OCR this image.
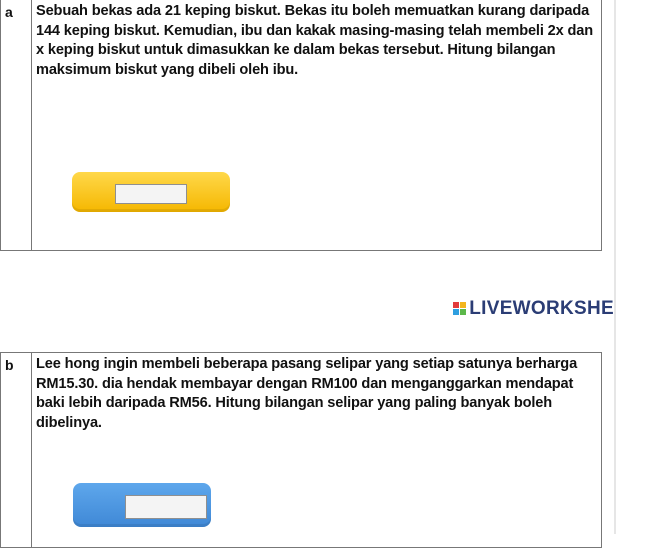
a	Sebuah bekas ada 21 keping biskut. Bekas itu boleh memuatkan kurang daripada 144 keping biskut. Kemudian, ibu dan kakak masing-masing telah membeli 2x dan x keping biskut untuk dimasukkan ke dalam bekas tersebut. Hitung bilangan maksimum biskut yang dibeli oleh ibu.

LIVEWORKSHE
b	Lee hong ingin membeli beberapa pasang selipar yang setiap satunya berharga RM15.30. dia hendak membayar dengan RM100 dan menganggarkan mendapat baki lebih daripada RM56. Hitung bilangan selipar yang paling banyak boleh dibelinya.
